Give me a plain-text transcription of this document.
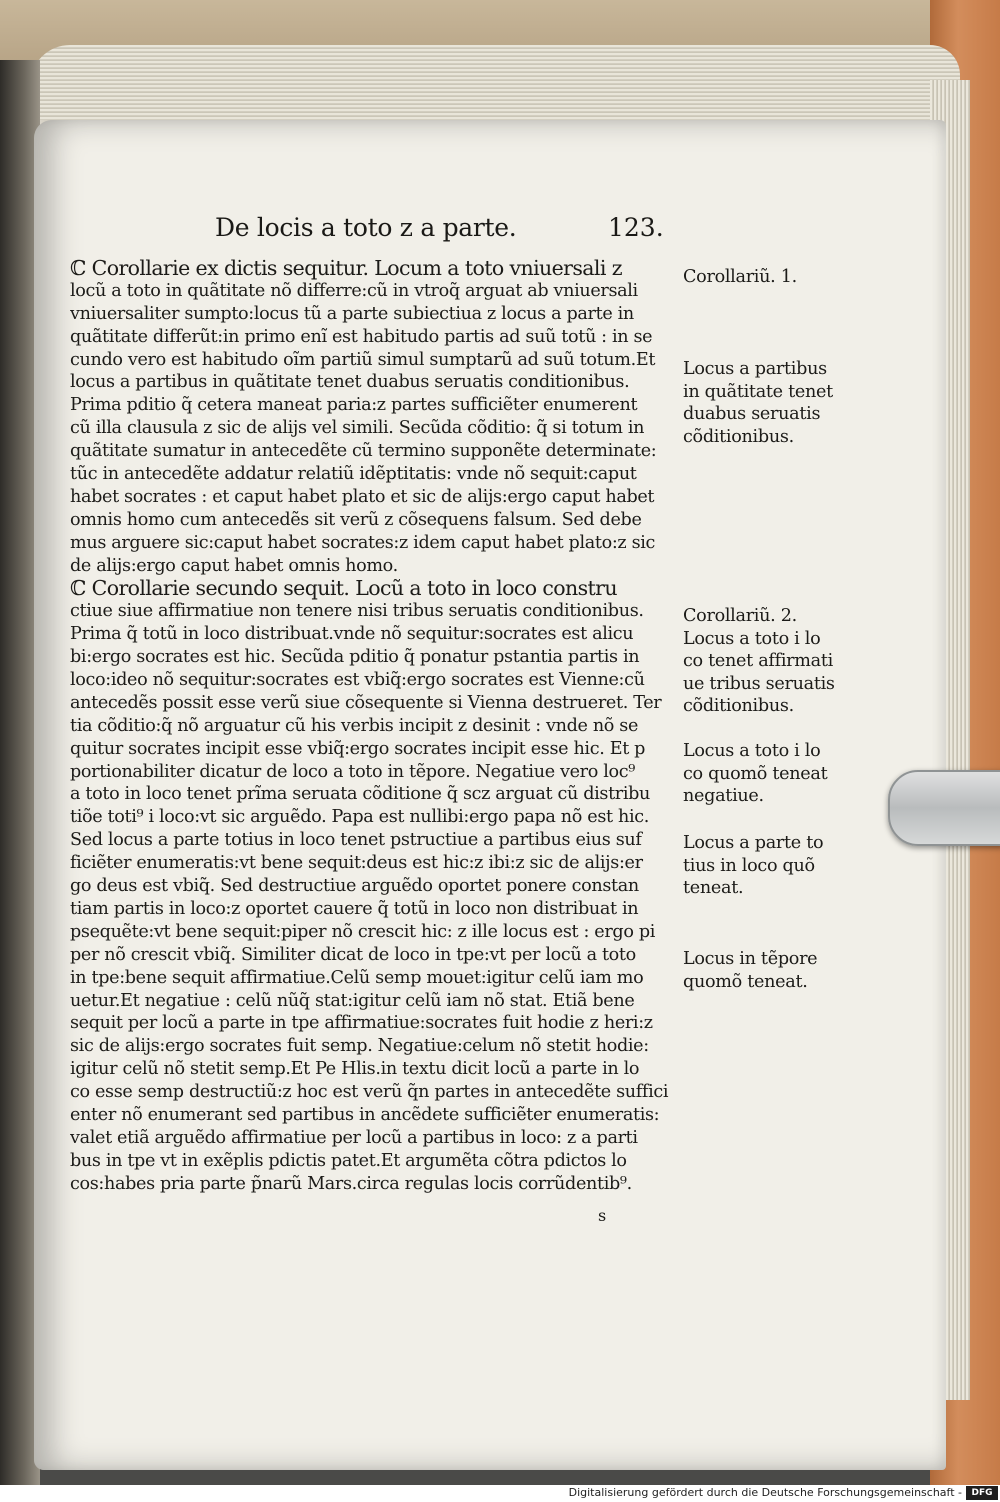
De locis a toto z a parte.	123.
ℂ Corollarie ex dictis sequitur. Locum a toto vniuersali z
locũ a toto in quãtitate nõ differre:cũ in vtroq̃ arguat ab vniuersali
vniuersaliter sumpto:locus tũ a parte subiectiua z locus a parte in
quãtitate differũt:in primo enĩ est habitudo partis ad suũ totũ : in se
cundo vero est habitudo oĩm partiũ simul sumptarũ ad suũ totum.Et
locus a partibus in quãtitate tenet duabus seruatis conditionibus.
Prima pditio q̃ cetera maneat paria:z partes sufficiẽter enumerent
cũ illa clausula z sic de alijs vel simili. Secũda cõditio: q̃ si totum in
quãtitate sumatur in antecedẽte cũ termino supponẽte determinate:
tũc in antecedẽte addatur relatiũ idẽptitatis: vnde nõ sequit:caput
habet socrates : et caput habet plato et sic de alijs:ergo caput habet
omnis homo cum antecedẽs sit verũ z cõsequens falsum. Sed debe
mus arguere sic:caput habet socrates:z idem caput habet plato:z sic
de alijs:ergo caput habet omnis homo.
ℂ Corollarie secundo sequit. Locũ a toto in loco constru
ctiue siue affirmatiue non tenere nisi tribus seruatis conditionibus.
Prima q̃ totũ in loco distribuat.vnde nõ sequitur:socrates est alicu
bi:ergo socrates est hic. Secũda pditio q̃ ponatur pstantia partis in
loco:ideo nõ sequitur:socrates est vbiq̃:ergo socrates est Vienne:cũ
antecedẽs possit esse verũ siue cõsequente si Vienna destrueret. Ter
tia cõditio:q̃ nõ arguatur cũ his verbis incipit z desinit : vnde nõ se
quitur socrates incipit esse vbiq̃:ergo socrates incipit esse hic. Et p
portionabiliter dicatur de loco a toto in tẽpore. Negatiue vero loc⁹
a toto in loco tenet prĩma seruata cõditione q̃ scz arguat cũ distribu
tiõe toti⁹ i loco:vt sic arguẽdo. Papa est nullibi:ergo papa nõ est hic.
Sed locus a parte totius in loco tenet pstructiue a partibus eius suf
ficiẽter enumeratis:vt bene sequit:deus est hic:z ibi:z sic de alijs:er
go deus est vbiq̃. Sed destructiue arguẽdo oportet ponere constan
tiam partis in loco:z oportet cauere q̃ totũ in loco non distribuat in
psequẽte:vt bene sequit:piper nõ crescit hic: z ille locus est : ergo pi
per nõ crescit vbiq̃. Similiter dicat de loco in tpe:vt per locũ a toto
in tpe:bene sequit affirmatiue.Celũ semp mouet:igitur celũ iam mo
uetur.Et negatiue : celũ nũq̃ stat:igitur celũ iam nõ stat. Etiã bene
sequit per locũ a parte in tpe affirmatiue:socrates fuit hodie z heri:z
sic de alijs:ergo socrates fuit semp. Negatiue:celum nõ stetit hodie:
igitur celũ nõ stetit semp.Et Pe Hlis.in textu dicit locũ a parte in lo
co esse semp destructiũ:z hoc est verũ q̃n partes in antecedẽte suffici
enter nõ enumerant sed partibus in ancẽdete sufficiẽter enumeratis:
valet etiã arguẽdo affirmatiue per locũ a partibus in loco: z a parti
bus in tpe vt in exẽplis pdictis patet.Et argumẽta cõtra pdictos lo
cos:habes pria parte p̃narũ Mars.circa regulas locis corrũdentib⁹.
Corollariũ. 1.
Locus a partibus
in quãtitate tenet
duabus seruatis
cõditionibus.
Corollariũ. 2.
Locus a toto i lo
co tenet affirmati
ue tribus seruatis
cõditionibus.
Locus a toto i lo
co quomõ teneat
negatiue.
Locus a parte to
tius in loco quõ
teneat.
Locus in tẽpore
quomõ teneat.
s
Digitalisierung gefördert durch die Deutsche Forschungsgemeinschaft -	DFG
